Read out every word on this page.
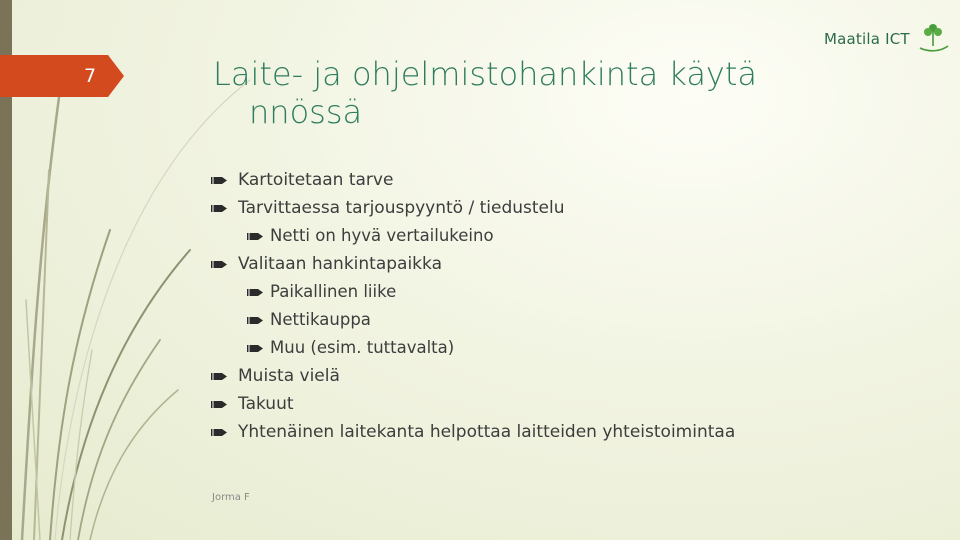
7	Laite- ja ohjelmistohankinta käytä
nnössä
Maatila ICT
Kartoitetaan tarve
Tarvittaessa tarjouspyyntö / tiedustelu
Netti on hyvä vertailukeino
Valitaan hankintapaikka
Paikallinen liike
Nettikauppa
Muu (esim. tuttavalta)
Muista vielä
Takuut
Yhtenäinen laitekanta helpottaa laitteiden yhteistoimintaa
Jorma F
